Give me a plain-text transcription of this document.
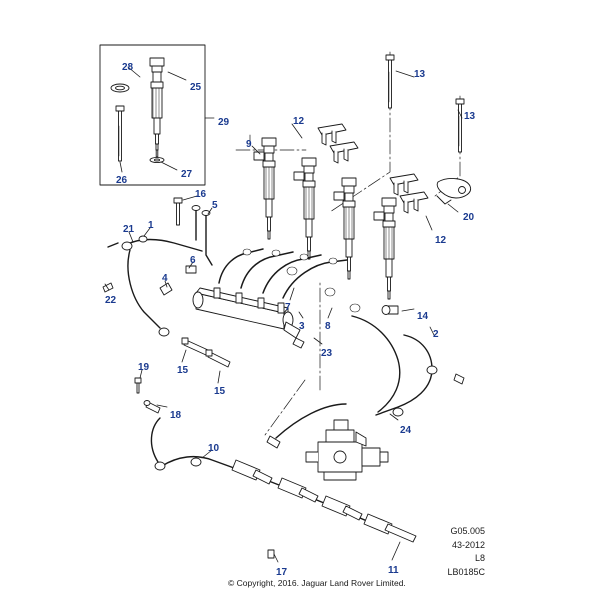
1
2
3
4
5
6
7
8
9
10
11
12
12
13
13
14
15
15
16
17
18
19
20
21
22
23
24
25
26
27
28
29
G05.005
43-2012
L8
LB0185C
© Copyright, 2016. Jaguar Land Rover Limited.
